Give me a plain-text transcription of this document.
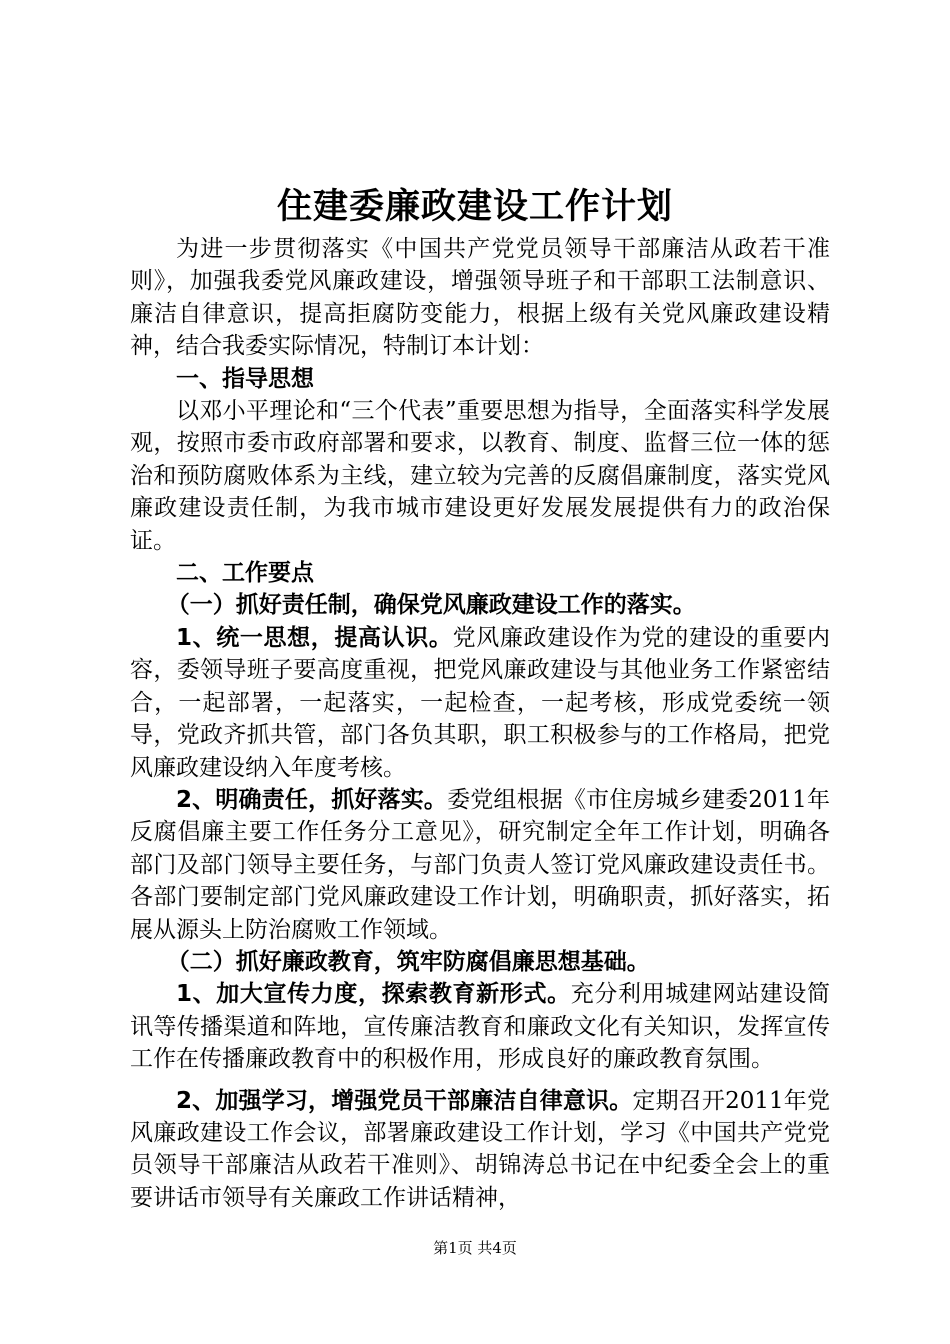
住建委廉政建设工作计划

为进一步贯彻落实《中国共产党党员领导干部廉洁从政若干准则》，加强我委党风廉政建设，增强领导班子和干部职工法制意识、廉洁自律意识，提高拒腐防变能力，根据上级有关党风廉政建设精神，结合我委实际情况，特制订本计划：

一、指导思想

以邓小平理论和“三个代表”重要思想为指导，全面落实科学发展观，按照市委市政府部署和要求，以教育、制度、监督三位一体的惩治和预防腐败体系为主线，建立较为完善的反腐倡廉制度，落实党风廉政建设责任制，为我市城市建设更好发展发展提供有力的政治保证。

二、工作要点

（一）抓好责任制，确保党风廉政建设工作的落实。

1、统一思想，提高认识。党风廉政建设作为党的建设的重要内容，委领导班子要高度重视，把党风廉政建设与其他业务工作紧密结合，一起部署，一起落实，一起检查，一起考核，形成党委统一领导，党政齐抓共管，部门各负其职，职工积极参与的工作格局，把党风廉政建设纳入年度考核。

2、明确责任，抓好落实。委党组根据《市住房城乡建委2011年反腐倡廉主要工作任务分工意见》，研究制定全年工作计划，明确各部门及部门领导主要任务，与部门负责人签订党风廉政建设责任书。各部门要制定部门党风廉政建设工作计划，明确职责，抓好落实，拓展从源头上防治腐败工作领域。

（二）抓好廉政教育，筑牢防腐倡廉思想基础。

1、加大宣传力度，探索教育新形式。充分利用城建网站建设简讯等传播渠道和阵地，宣传廉洁教育和廉政文化有关知识，发挥宣传工作在传播廉政教育中的积极作用，形成良好的廉政教育氛围。

2、加强学习，增强党员干部廉洁自律意识。定期召开2011年党风廉政建设工作会议，部署廉政建设工作计划，学习《中国共产党党员领导干部廉洁从政若干准则》、胡锦涛总书记在中纪委全会上的重要讲话市领导有关廉政工作讲话精神，

第1页 共4页
